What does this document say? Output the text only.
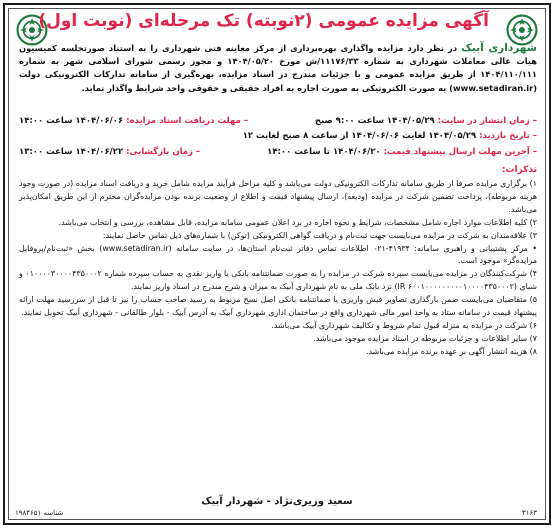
آگهی مزایده عمومی (۲نوبته) تک مرحله‌ای (نوبت اول)
شهرداری آبیک در نظر دارد مزایده واگذاری بهره‌برداری از مرکز معاینه فنی شهرداری را به استناد صورتجلسه کمیسیون هیات عالی معاملات شهرداری به شماره ۱۱۱۷۶/۳۳/ش مورخ ۱۴۰۴/۰۵/۲۰ و مجوز رسمی شورای اسلامی شهر به شماره ۱۴۰۴/۱۱۰/۱۱۱ از طریق مزایده عمومی و با جزئیات مندرج در اسناد مزایده، بهره‌گیری از سامانه تدارکات الکترونیکی دولت (www.setadiran.ir) به صورت الکترونیکی به صورت اجاره به افراد حقیقی و حقوقی واجد شرایط واگذار نماید.
– زمان انتشار در سایت: ۱۴۰۴/۰۵/۲۹ ساعت ۹:۰۰ صبح
– مهلت دریافت اسناد مزایده: ۱۴۰۴/۰۶/۰۶ ساعت ۱۴:۰۰
– تاریخ بازدید: ۱۴۰۴/۰۵/۲۹ لغایت ۱۴۰۴/۰۶/۰۶ از ساعت ۸ صبح لغایت ۱۲
– آخرین مهلت ارسال پیشنهاد قیمت: ۱۴۰۴/۰۶/۲۰ تا ساعت ۱۴:۰۰
– زمان بازگشایی: ۱۴۰۴/۰۶/۲۲ ساعت ۱۳:۰۰
تذکرات:

۱) برگزاری مزایده صرفا از طریق سامانه تدارکات الکترونیکی دولت می‌باشد و کلیه مراحل فرآیند مزایده شامل خرید و دریافت اسناد مزایده (در صورت وجود هزینه مربوطه)، پرداخت تضمین شرکت در مزایده (ودیعه)، ارسال پیشنهاد قیمت و اطلاع از وضعیت برنده بودن مزایده‌گران محترم از این طریق امکان‌پذیر می‌باشد.

۲) کلیه اطلاعات موارد اجاره شامل مشخصات، شرایط و نحوه اجاره در برد اعلان عمومی سامانه مزایده، قابل مشاهده، بررسی و انتخاب می‌باشد.

۳) علاقه‌مندان به شرکت در مزایده می‌بایست جهت ثبت‌نام و دریافت گواهی الکترونیکی (توکن) با شماره‌های ذیل تماس حاصل نمایند:

• مرکز پشتیبانی و راهبری سامانه: ۴۱۹۳۴-۰۲۱ اطلاعات تماس دفاتر ثبت‌نام استان‌ها، در سایت سامانه (www.setadiran.ir) بخش «ثبت‌نام/پروفایل مزایده‌گر» موجود است.

۴) شرکت‌کنندگان در مزایده می‌بایست سپرده شرکت در مزایده را به صورت ضمانتنامه بانکی یا واریز نقدی به حساب سپرده شماره ۰۱۰۰۰۰۳۰۰۰۰۴۳۵۰۰۰۲ و شبای (IR ۶۰۰۱۰۰۰۰۰۰۰۰۰۱۰۰۰۰۴۳۵۰۰۰۲) نزد بانک ملی به نام شهرداری آبیک به میزان و شرح مندرج در اسناد واریز نمایند.

۵) متقاضیان می‌بایست ضمن بارگذاری تصاویر فیش واریزی یا ضمانتنامه بانکی اصل نسخ مربوط به رسید صاحب حساب را نیز تا قبل از سررسید مهلت ارائه پیشنهاد قیمت در سامانه ستاد به واحد امور مالی شهرداری واقع در ساختمان اداری شهرداری آبیک به آدرس آبیک - بلوار طالقانی - شهرداری آبیک تحویل نمایند.

۶) شرکت در مزایده به منزله قبول تمام شروط و تکالیف شهرداری آبیک می‌باشد.

۷) سایر اطلاعات و جزئیات مربوطه در اسناد مزایده موجود می‌باشد.

۸) هزینه انتشار آگهی بر عهده برنده مزایده می‌باشد.

سعید وزیری‌نژاد - شهردار آبیک
شناسه ۱۹۸۴۶۵۱	۳۱۶۳
